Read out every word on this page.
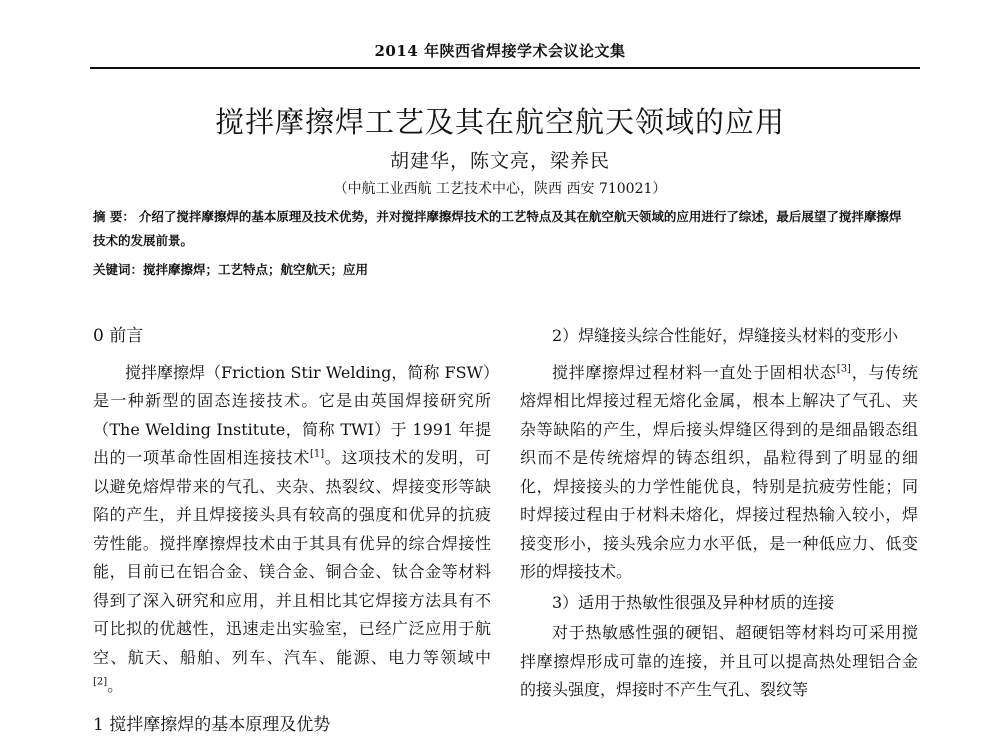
2014 年陕西省焊接学术会议论文集
搅拌摩擦焊工艺及其在航空航天领域的应用
胡建华，陈文亮，梁养民
（中航工业西航 工艺技术中心，陕西 西安 710021）
摘 要： 介绍了搅拌摩擦焊的基本原理及技术优势，并对搅拌摩擦焊技术的工艺特点及其在航空航天领域的应用进行了综述，最后展望了搅拌摩擦焊技术的发展前景。
关键词：搅拌摩擦焊；工艺特点；航空航天；应用
0 前言

搅拌摩擦焊（Friction Stir Welding，简称 FSW）是一种新型的固态连接技术。它是由英国焊接研究所（The Welding Institute，简称 TWI）于 1991 年提出的一项革命性固相连接技术[1]。这项技术的发明，可以避免熔焊带来的气孔、夹杂、热裂纹、焊接变形等缺陷的产生，并且焊接接头具有较高的强度和优异的抗疲劳性能。搅拌摩擦焊技术由于其具有优异的综合焊接性能，目前已在铝合金、镁合金、铜合金、钛合金等材料得到了深入研究和应用，并且相比其它焊接方法具有不可比拟的优越性，迅速走出实验室，已经广泛应用于航空、航天、船舶、列车、汽车、能源、电力等领域中[2]。

1 搅拌摩擦焊的基本原理及优势

2）焊缝接头综合性能好，焊缝接头材料的变形小

搅拌摩擦焊过程材料一直处于固相状态[3]，与传统熔焊相比焊接过程无熔化金属，根本上解决了气孔、夹杂等缺陷的产生，焊后接头焊缝区得到的是细晶锻态组织而不是传统熔焊的铸态组织，晶粒得到了明显的细化，焊接接头的力学性能优良，特别是抗疲劳性能；同时焊接过程由于材料未熔化，焊接过程热输入较小，焊接变形小，接头残余应力水平低，是一种低应力、低变形的焊接技术。

3）适用于热敏性很强及异种材质的连接

对于热敏感性强的硬铝、超硬铝等材料均可采用搅拌摩擦焊形成可靠的连接，并且可以提高热处理铝合金的接头强度，焊接时不产生气孔、裂纹等
